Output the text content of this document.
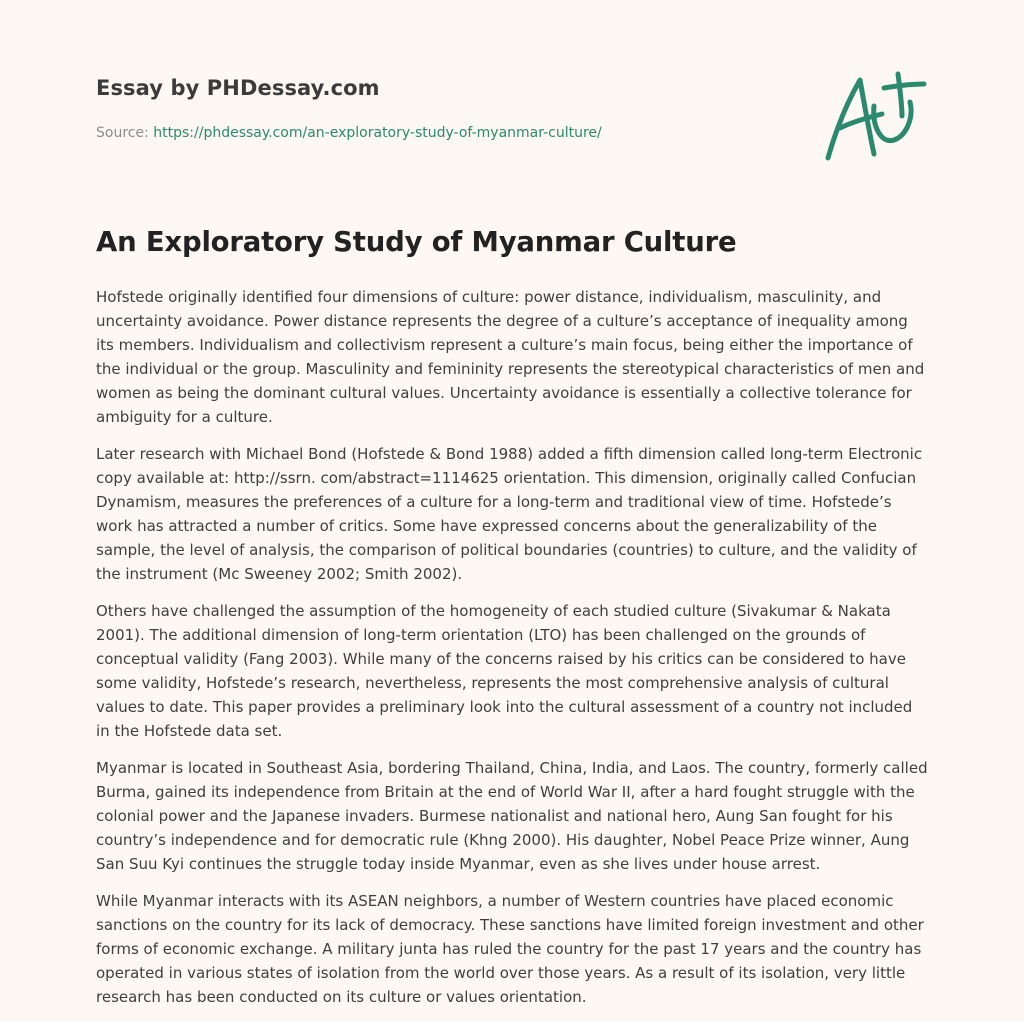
Essay by PHDessay.com
Source: https://phdessay.com/an-exploratory-study-of-myanmar-culture/
An Exploratory Study of Myanmar Culture

Hofstede originally identified four dimensions of culture: power distance, individualism, masculinity, and uncertainty avoidance. Power distance represents the degree of a culture’s acceptance of inequality among its members. Individualism and collectivism represent a culture’s main focus, being either the importance of the individual or the group. Masculinity and femininity represents the stereotypical characteristics of men and women as being the dominant cultural values. Uncertainty avoidance is essentially a collective tolerance for ambiguity for a culture.

Later research with Michael Bond (Hofstede & Bond 1988) added a fifth dimension called long-term Electronic copy available at: http://ssrn. com/abstract=1114625 orientation. This dimension, originally called Confucian Dynamism, measures the preferences of a culture for a long-term and traditional view of time. Hofstede’s work has attracted a number of critics. Some have expressed concerns about the generalizability of the sample, the level of analysis, the comparison of political boundaries (countries) to culture, and the validity of the instrument (Mc Sweeney 2002; Smith 2002).

Others have challenged the assumption of the homogeneity of each studied culture (Sivakumar & Nakata 2001). The additional dimension of long-term orientation (LTO) has been challenged on the grounds of conceptual validity (Fang 2003). While many of the concerns raised by his critics can be considered to have some validity, Hofstede’s research, nevertheless, represents the most comprehensive analysis of cultural values to date. This paper provides a preliminary look into the cultural assessment of a country not included in the Hofstede data set.

Myanmar is located in Southeast Asia, bordering Thailand, China, India, and Laos. The country, formerly called Burma, gained its independence from Britain at the end of World War II, after a hard fought struggle with the colonial power and the Japanese invaders. Burmese nationalist and national hero, Aung San fought for his country’s independence and for democratic rule (Khng 2000). His daughter, Nobel Peace Prize winner, Aung San Suu Kyi continues the struggle today inside Myanmar, even as she lives under house arrest.

While Myanmar interacts with its ASEAN neighbors, a number of Western countries have placed economic sanctions on the country for its lack of democracy. These sanctions have limited foreign investment and other forms of economic exchange. A military junta has ruled the country for the past 17 years and the country has operated in various states of isolation from the world over those years. As a result of its isolation, very little research has been conducted on its culture or values orientation.
